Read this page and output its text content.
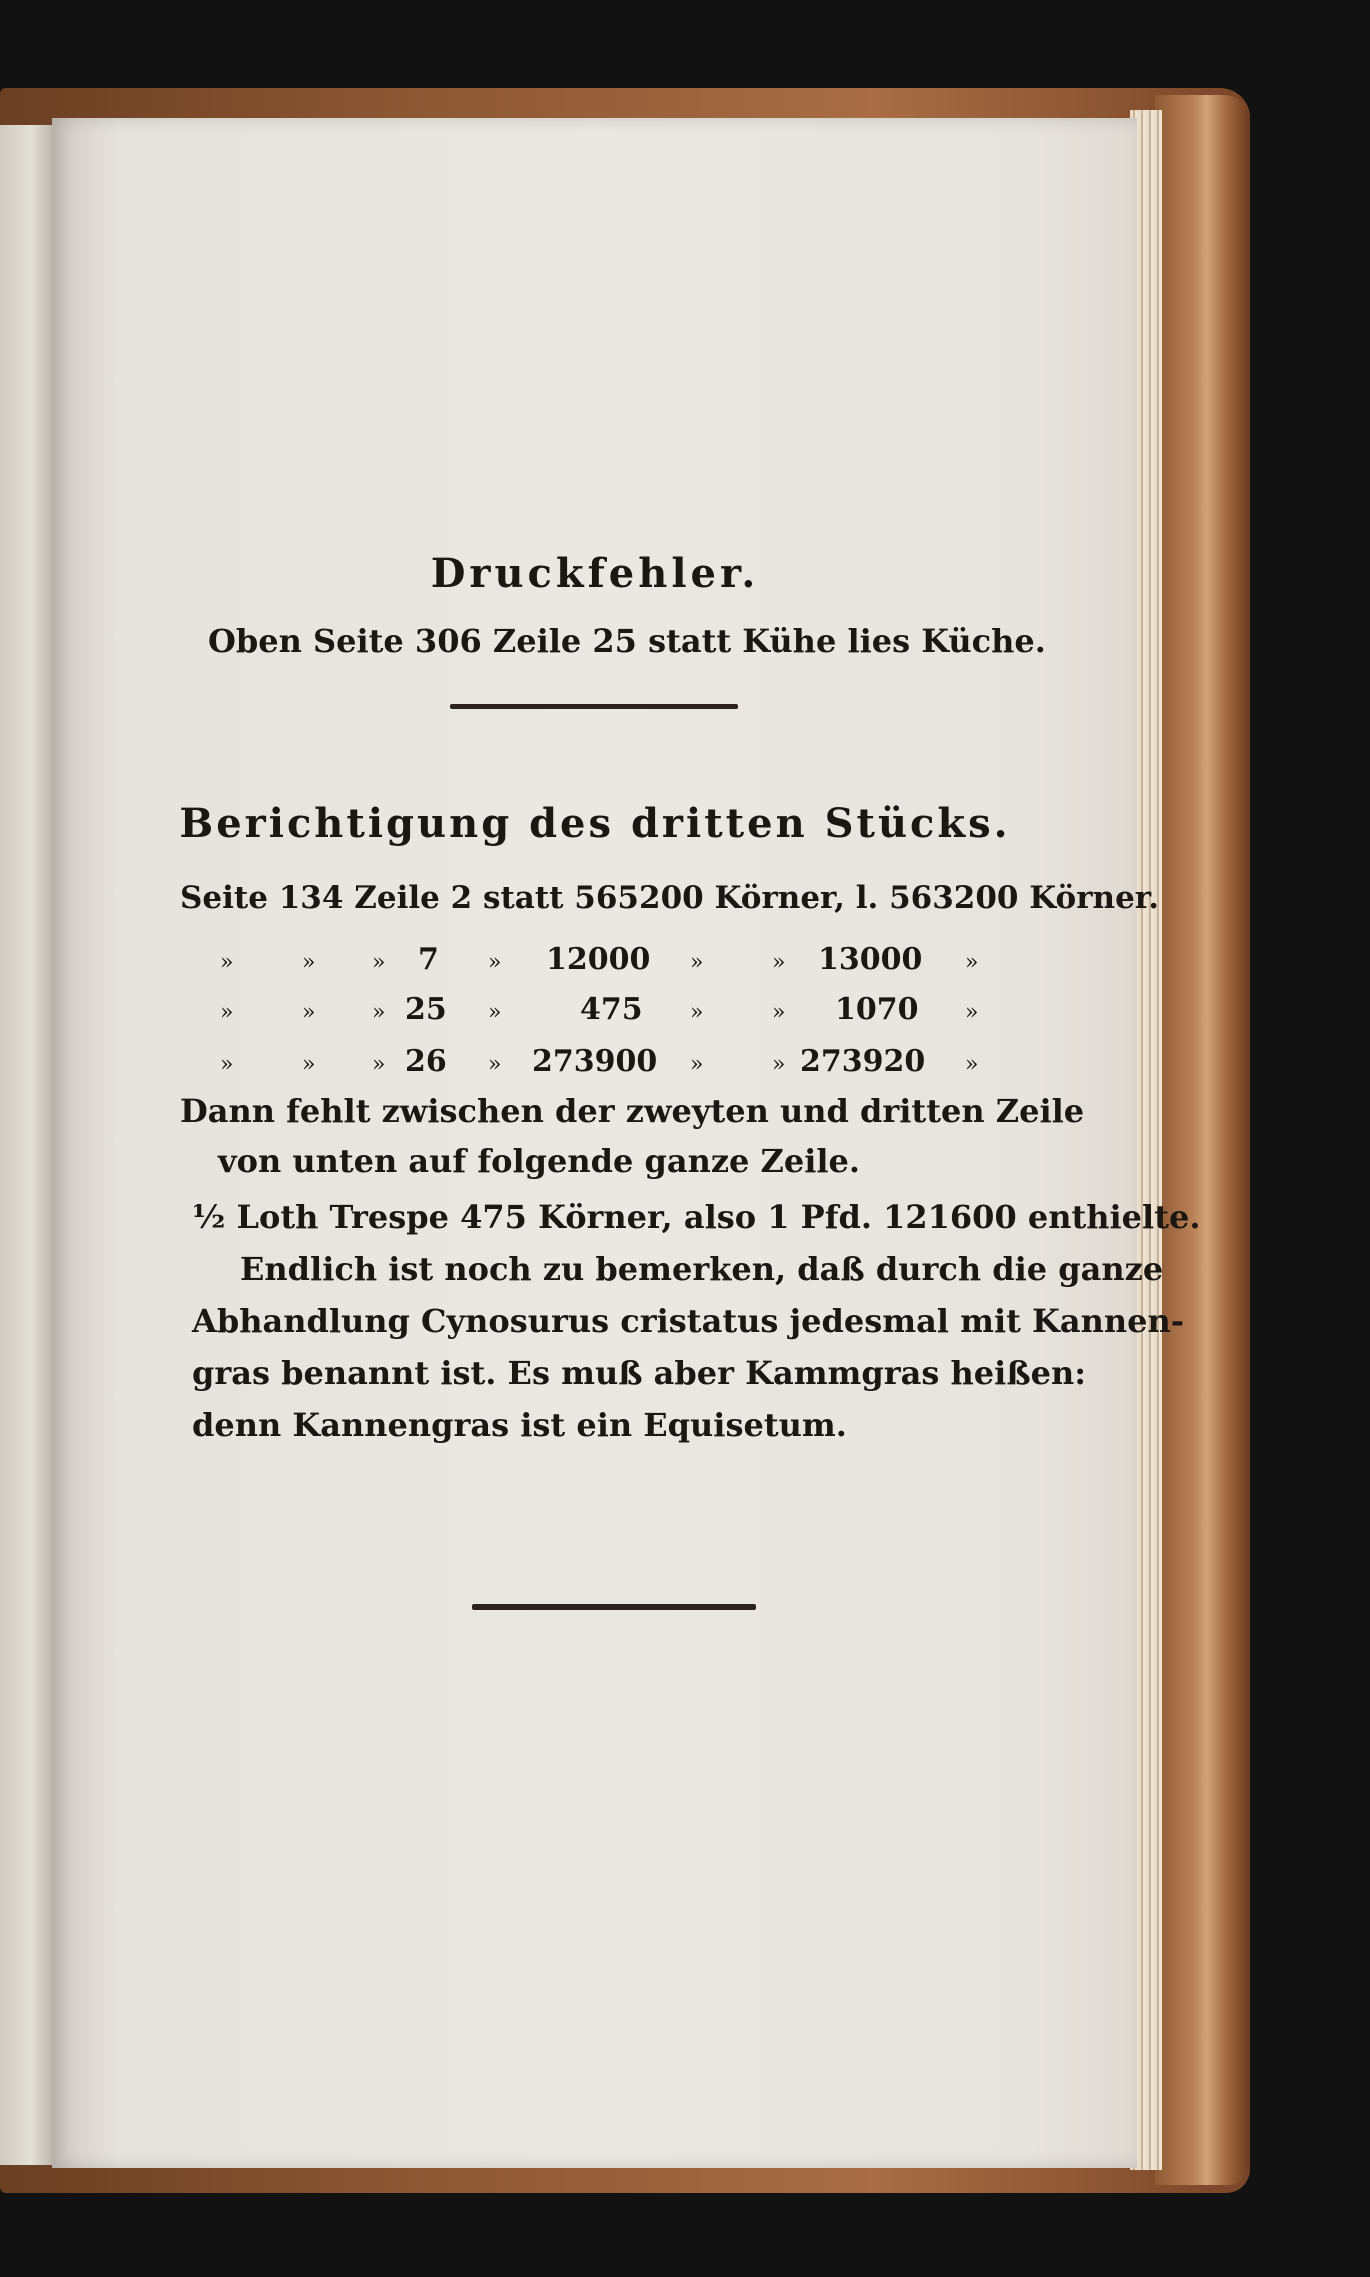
Druckfehler.
Oben Seite 306 Zeile 25 statt Kühe lies Küche.
Berichtigung des dritten Stücks.
Seite 134 Zeile 2 statt 565200 Körner, l. 563200 Körner.
»	»	» 7 » 12000 »	» 13000 »
»	»	» 25 »	475 »	» 1070 »
»	»	» 26 » 273900 »	» 273920 »
Dann fehlt zwischen der zweyten und dritten Zeile
von unten auf folgende ganze Zeile.
½ Loth Trespe 475 Körner, also 1 Pfd. 121600 enthielte.
Endlich ist noch zu bemerken, daß durch die ganze
Abhandlung Cynosurus cristatus jedesmal mit Kannen-
gras benannt ist. Es muß aber Kammgras heißen:
denn Kannengras ist ein Equisetum.
